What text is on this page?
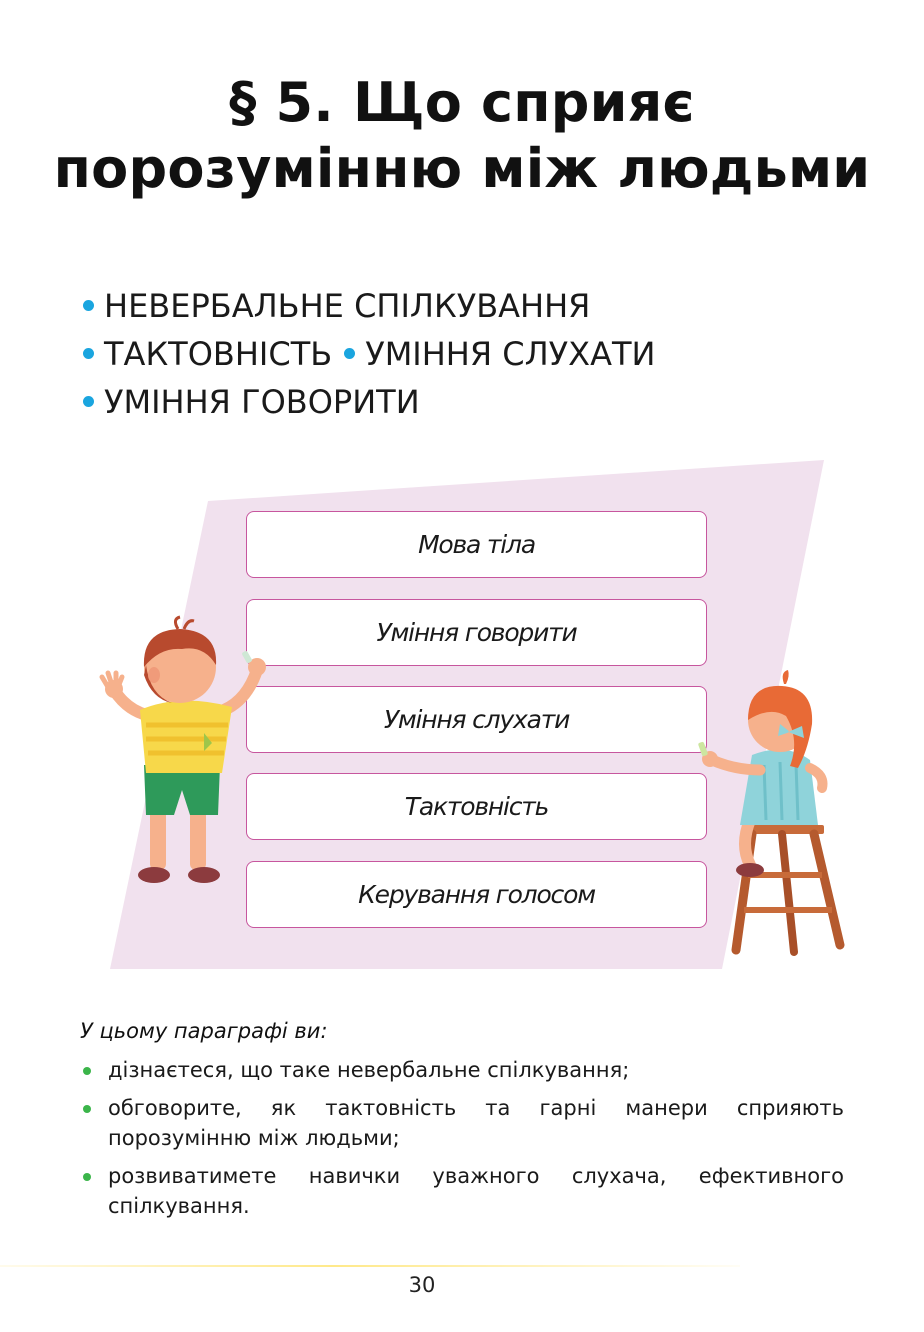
§ 5. Що сприяє
порозумінню між людьми
НЕВЕРБАЛЬНЕ СПІЛКУВАННЯ
ТАКТОВНІСТЬ УМІННЯ СЛУХАТИ
УМІННЯ ГОВОРИТИ
Мова тіла
Уміння говорити
Уміння слухати
Тактовність
Керування голосом
У цьому параграфі ви:
дізнаєтеся, що таке невербальне спілкування;
обговорите, як тактовність та гарні манери сприяють порозумінню між людьми;
розвиватимете навички уважного слухача, ефективного спілкування.
30
